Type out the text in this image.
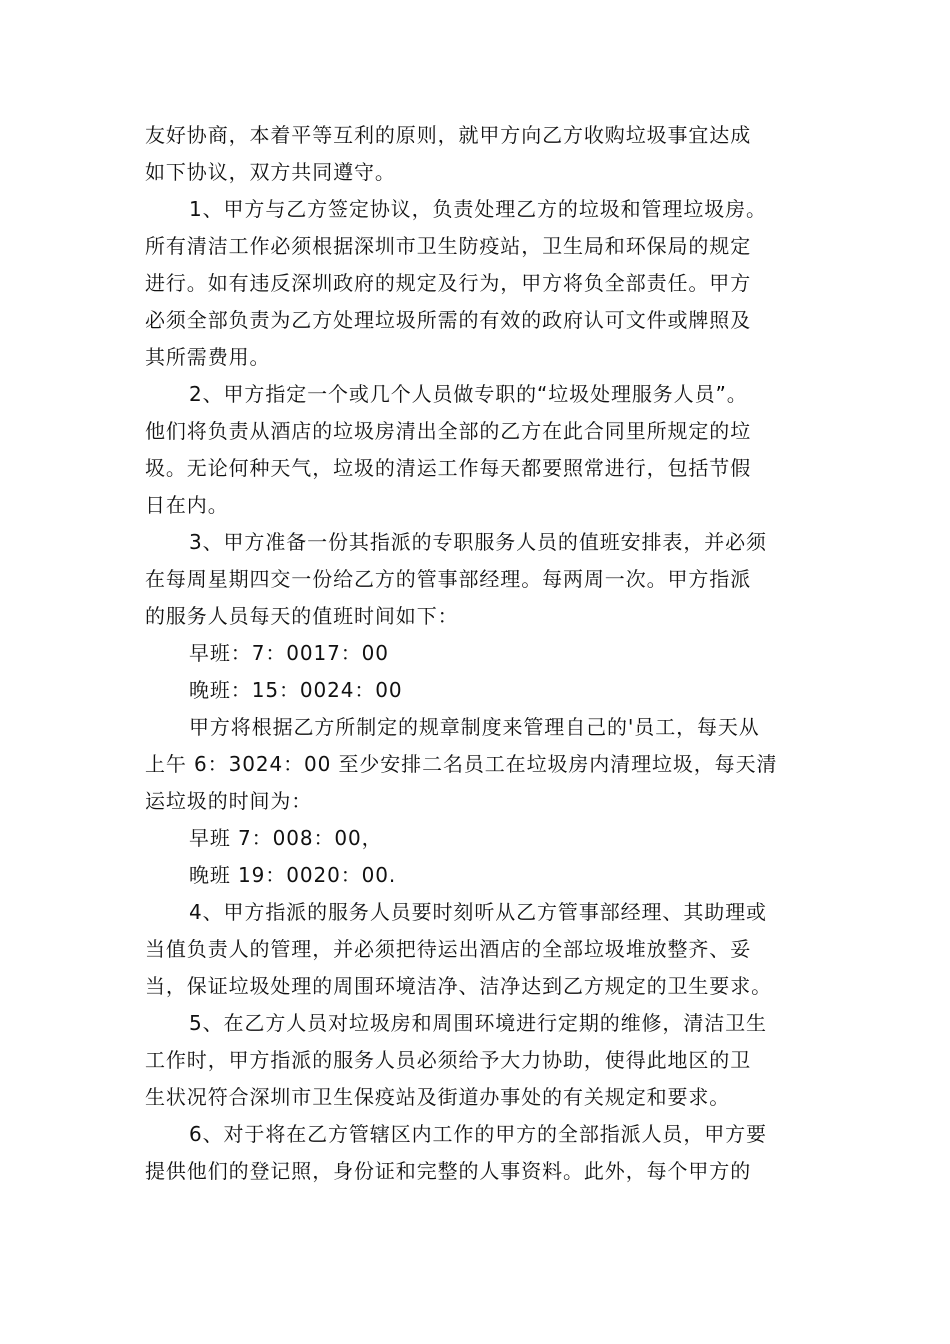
友好协商，本着平等互利的原则，就甲方向乙方收购垃圾事宜达成
如下协议，双方共同遵守。
1、甲方与乙方签定协议，负责处理乙方的垃圾和管理垃圾房。
所有清洁工作必须根据深圳市卫生防疫站，卫生局和环保局的规定
进行。如有违反深圳政府的规定及行为，甲方将负全部责任。甲方
必须全部负责为乙方处理垃圾所需的有效的政府认可文件或牌照及
其所需费用。
2、甲方指定一个或几个人员做专职的“垃圾处理服务人员”。
他们将负责从酒店的垃圾房清出全部的乙方在此合同里所规定的垃
圾。无论何种天气，垃圾的清运工作每天都要照常进行，包括节假
日在内。
3、甲方准备一份其指派的专职服务人员的值班安排表，并必须
在每周星期四交一份给乙方的管事部经理。每两周一次。甲方指派
的服务人员每天的值班时间如下：
早班：7：0017：00
晚班：15：0024：00
甲方将根据乙方所制定的规章制度来管理自己的'员工，每天从
上午 6：3024：00 至少安排二名员工在垃圾房内清理垃圾，每天清
运垃圾的时间为：
早班 7：008：00，
晚班 19：0020：00.
4、甲方指派的服务人员要时刻听从乙方管事部经理、其助理或
当值负责人的管理，并必须把待运出酒店的全部垃圾堆放整齐、妥
当，保证垃圾处理的周围环境洁净、洁净达到乙方规定的卫生要求。
5、在乙方人员对垃圾房和周围环境进行定期的维修，清洁卫生
工作时，甲方指派的服务人员必须给予大力协助，使得此地区的卫
生状况符合深圳市卫生保疫站及街道办事处的有关规定和要求。
6、对于将在乙方管辖区内工作的甲方的全部指派人员，甲方要
提供他们的登记照，身份证和完整的人事资料。此外，每个甲方的
